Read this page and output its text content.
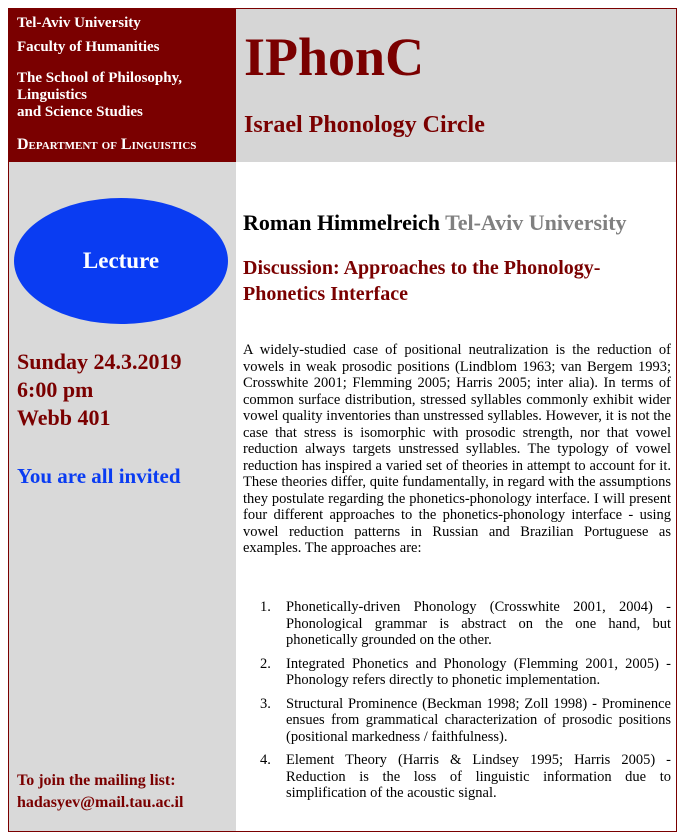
Tel-Aviv University
Faculty of Humanities
The School of Philosophy,
Linguistics
and Science Studies
Department of Linguistics
IPhonC
Israel Phonology Circle
Lecture
Sunday 24.3.2019
6:00 pm
Webb 401
You are all invited
To join the mailing list:
hadasyev@mail.tau.ac.il
Roman Himmelreich Tel-Aviv University
Discussion: Approaches to the Phonology-Phonetics Interface

A widely-studied case of positional neutralization is the reduction of vowels in weak prosodic positions (Lindblom 1963; van Bergem 1993; Crosswhite 2001; Flemming 2005; Harris 2005; inter alia). In terms of common surface distribution, stressed syllables commonly exhibit wider vowel quality inventories than unstressed syllables. However, it is not the case that stress is isomorphic with prosodic strength, nor that vowel reduction always targets unstressed syllables. The typology of vowel reduction has inspired a varied set of theories in attempt to account for it. These theories differ, quite fundamentally, in regard with the assumptions they postulate regarding the phonetics-phonology interface. I will present four different approaches to the phonetics-phonology interface - using vowel reduction patterns in Russian and Brazilian Portuguese as examples. The approaches are:

1. Phonetically-driven Phonology (Crosswhite 2001, 2004) - Phonological grammar is abstract on the one hand, but phonetically grounded on the other.
2. Integrated Phonetics and Phonology (Flemming 2001, 2005) - Phonology refers directly to phonetic implementation.
3. Structural Prominence (Beckman 1998; Zoll 1998) - Prominence ensues from grammatical characterization of prosodic positions (positional markedness / faithfulness).
4. Element Theory (Harris & Lindsey 1995; Harris 2005) - Reduction is the loss of linguistic information due to simplification of the acoustic signal.
